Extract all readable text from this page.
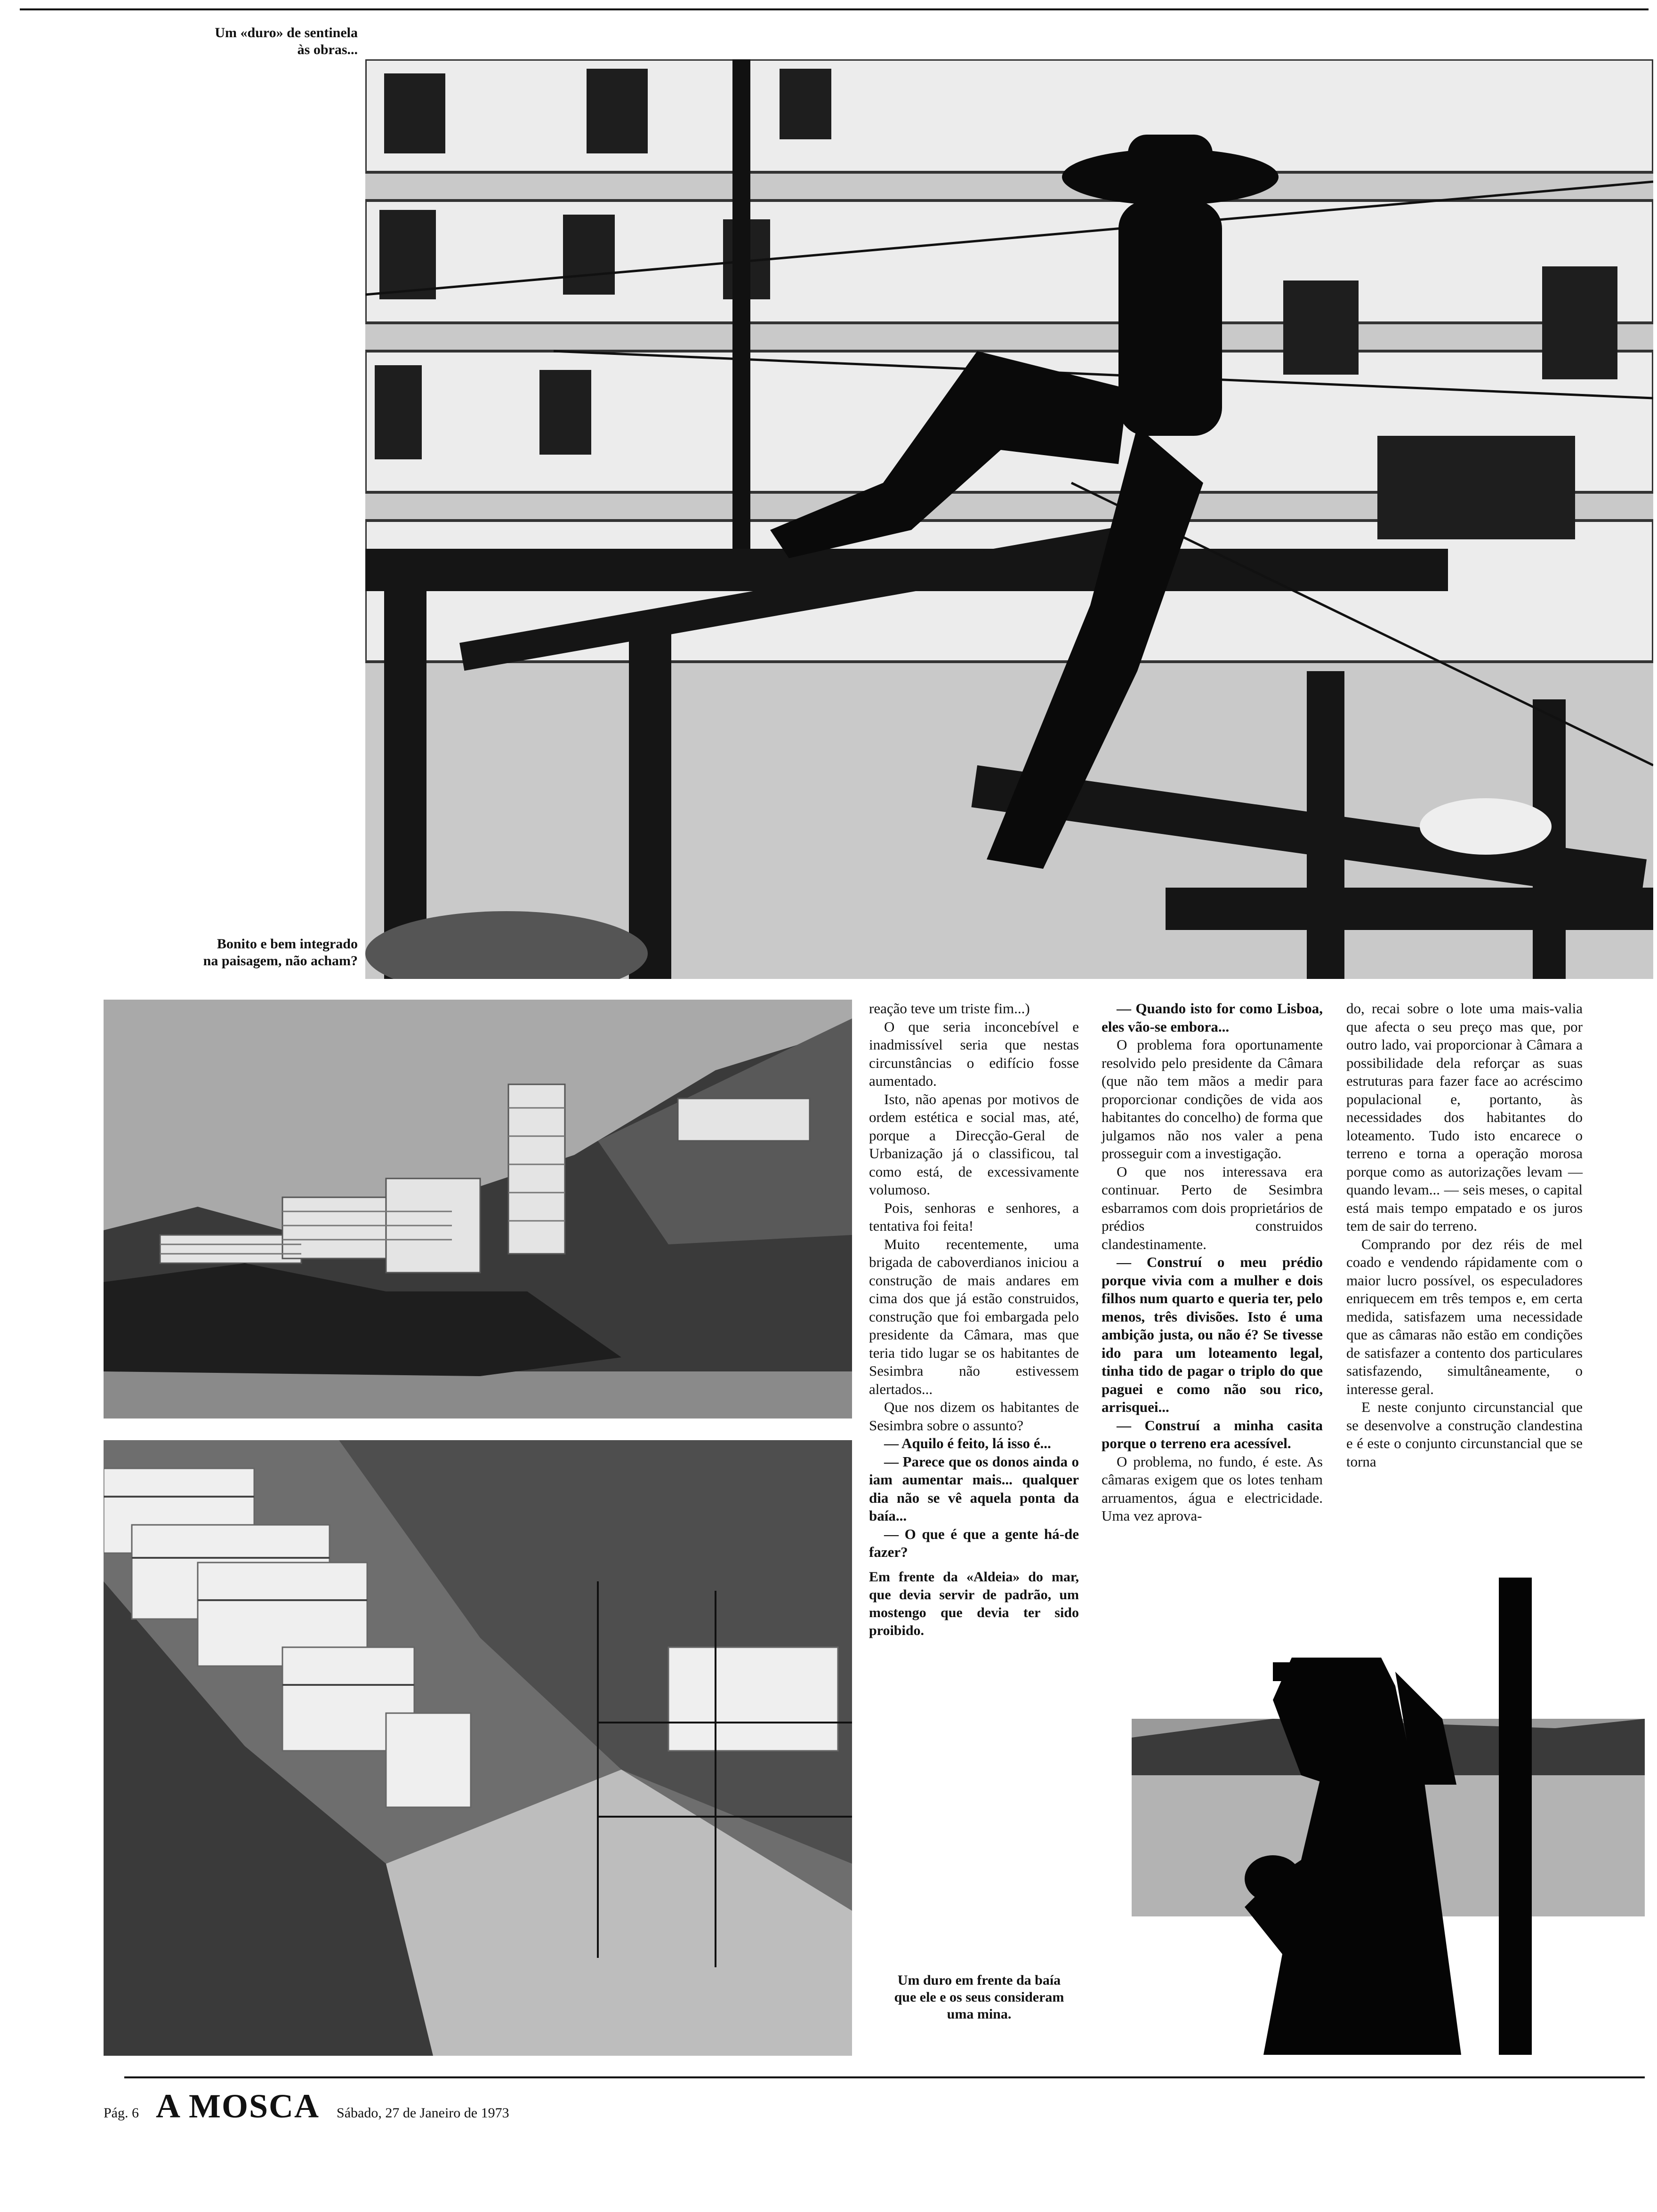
Um «duro» de sentinela
às obras...
Bonito e bem integrado
na paisagem, não acham?

reação teve um triste fim...)

O que seria inconcebível e inadmissível seria que nestas circunstâncias o edifício fosse aumentado.

Isto, não apenas por motivos de ordem estética e social mas, até, porque a Direcção-Geral de Urbanização já o classificou, tal como está, de excessivamente volumoso.

Pois, senhoras e senhores, a tentativa foi feita!

Muito recentemente, uma brigada de caboverdianos iniciou a construção de mais andares em cima dos que já estão construidos, construção que foi embargada pelo presidente da Câmara, mas que teria tido lugar se os habitantes de Sesimbra não estivessem alertados...

Que nos dizem os habitantes de Sesimbra sobre o assunto?

— Aquilo é feito, lá isso é...

— Parece que os donos ainda o iam aumentar mais... qualquer dia não se vê aquela ponta da baía...

— O que é que a gente há-de fazer?

Em frente da «Aldeia» do mar, que devia servir de padrão, um mostengo que devia ter sido proibido.

— Quando isto for como Lisboa, eles vão-se embora...

O problema fora oportunamente resolvido pelo presidente da Câmara (que não tem mãos a medir para proporcionar condições de vida aos habitantes do concelho) de forma que julgamos não nos valer a pena prosseguir com a investigação.

O que nos interessava era continuar. Perto de Sesimbra esbarramos com dois proprietários de prédios construidos clandestinamente.

— Construí o meu prédio porque vivia com a mulher e dois filhos num quarto e queria ter, pelo menos, três divisões. Isto é uma ambição justa, ou não é? Se tivesse ido para um loteamento legal, tinha tido de pagar o triplo do que paguei e como não sou rico, arrisquei...

— Construí a minha casita porque o terreno era acessível.

O problema, no fundo, é este. As câmaras exigem que os lotes tenham arruamentos, água e electricidade. Uma vez aprova-

do, recai sobre o lote uma mais-valia que afecta o seu preço mas que, por outro lado, vai proporcionar à Câmara a possibilidade dela reforçar as suas estruturas para fazer face ao acréscimo populacional e, portanto, às necessidades dos habitantes do loteamento. Tudo isto encarece o terreno e torna a operação morosa porque como as autorizações levam — quando levam... — seis meses, o capital está mais tempo empatado e os juros tem de sair do terreno.

Comprando por dez réis de mel coado e vendendo rápidamente com o maior lucro possível, os especuladores enriquecem em três tempos e, em certa medida, satisfazem uma necessidade que as câmaras não estão em condições de satisfazer a contento dos particulares satisfazendo, simultâneamente, o interesse geral.

E neste conjunto circunstancial que se desenvolve a construção clandestina e é este o conjunto circunstancial que se torna

Um duro em frente da baía
que ele e os seus consideram
uma mina.
Pág. 6 A MOSCA Sábado, 27 de Janeiro de 1973
